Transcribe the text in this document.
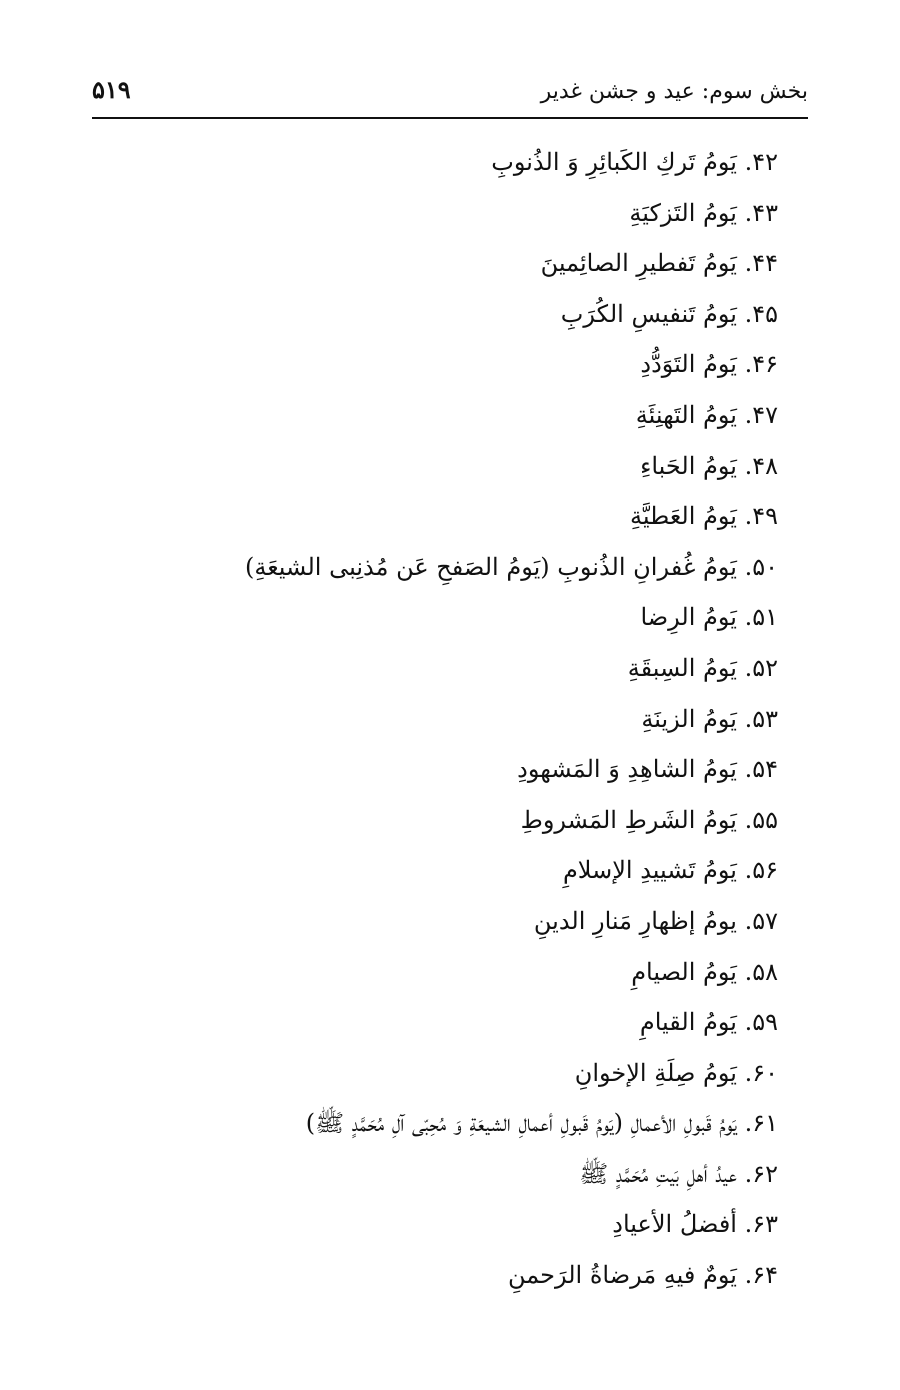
بخش سوم: عید و جشن غدیر
۵۱۹
۴۲. یَومُ تَركِ الكَبائِرِ وَ الذُنوبِ
۴۳. یَومُ التَزكیَةِ
۴۴. یَومُ تَفطیرِ الصائِمینَ
۴۵. یَومُ تَنفیسِ الكُرَبِ
۴۶. یَومُ التَوَدُّدِ
۴۷. یَومُ التَهنِئَةِ
۴۸. یَومُ الحَباءِ
۴۹. یَومُ العَطیَّةِ
۵۰. یَومُ غُفرانِ الذُنوبِ (یَومُ الصَفحِ عَن مُذنِبی الشیعَةِ)
۵۱. یَومُ الرِضا
۵۲. یَومُ السِبقَةِ
۵۳. یَومُ الزینَةِ
۵۴. یَومُ الشاهِدِ وَ المَشهودِ
۵۵. یَومُ الشَرطِ المَشروطِ
۵۶. یَومُ تَشییدِ الإسلامِ
۵۷. یومُ إظهارِ مَنارِ الدینِ
۵۸. یَومُ الصیامِ
۵۹. یَومُ القیامِ
۶۰. یَومُ صِلَةِ الإخوانِ
۶۱. یَومُ قَبولِ الأعمالِ (یَومُ قَبولِ أعمالِ الشیعَةِ وَ مُحِبّی آلِ مُحَمَّدٍ ﷺ)
۶۲. عیدُ أهلِ بَیتِ مُحَمَّدٍ ﷺ
۶۳. أفضلُ الأعیادِ
۶۴. یَومٌ فیهِ مَرضاةُ الرَحمنِ
